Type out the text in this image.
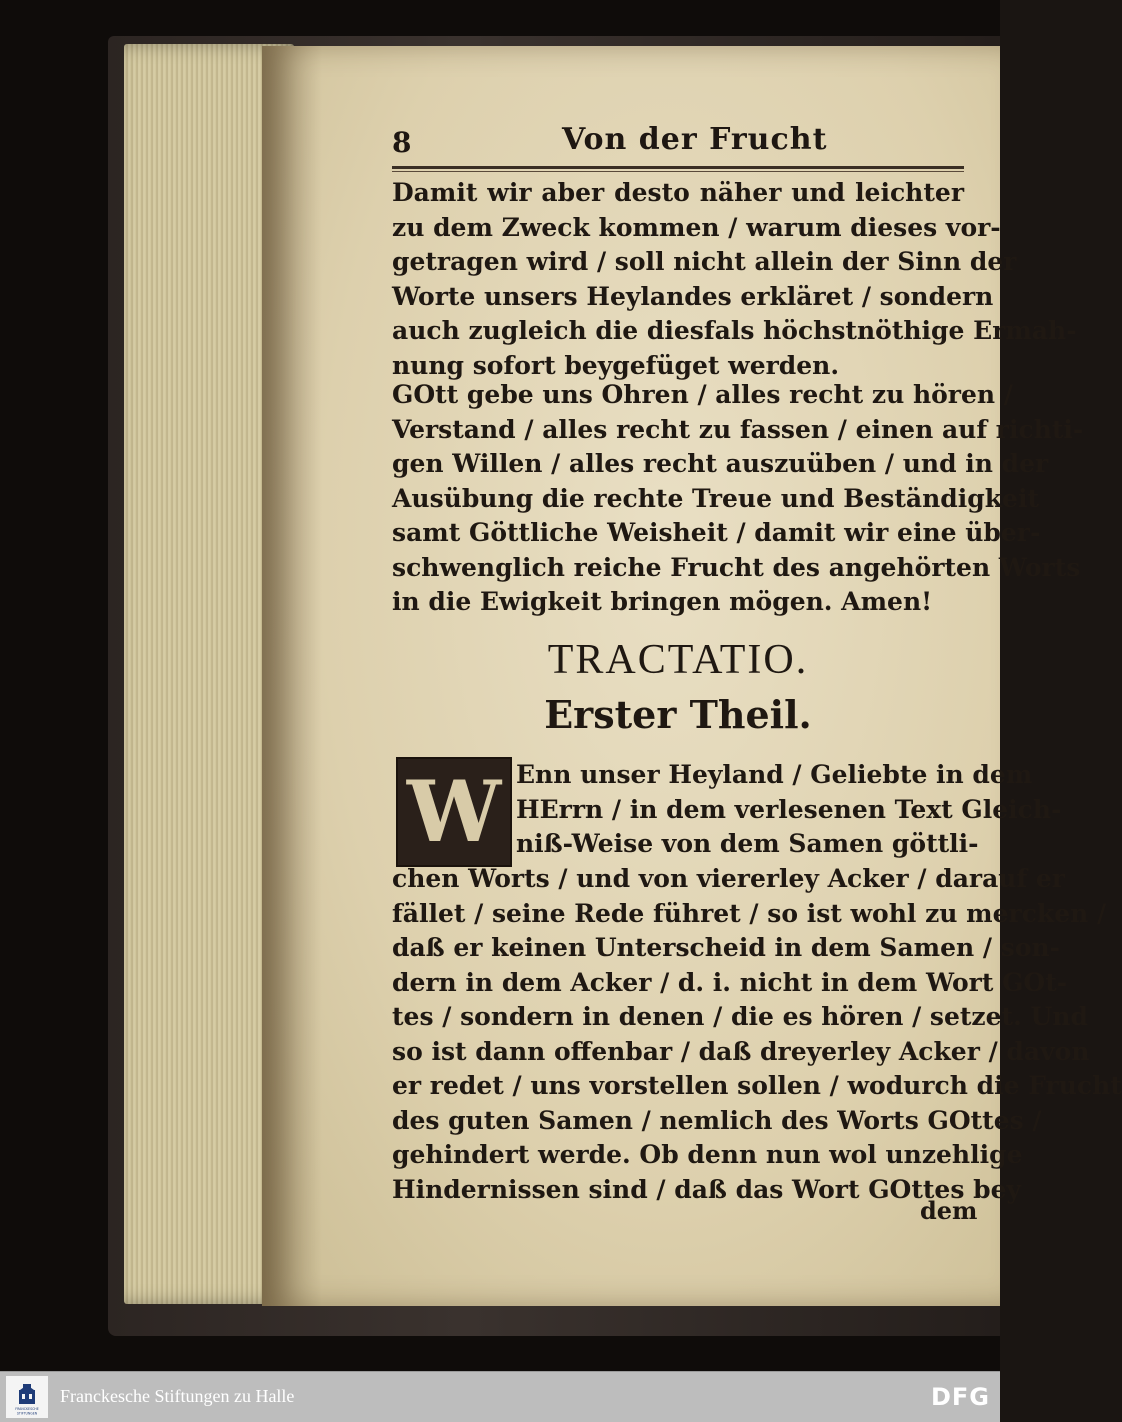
8	Von der Frucht
Damit wir aber desto näher und leichter
zu dem Zweck kommen / warum dieses vor-
getragen wird / soll nicht allein der Sinn der
Worte unsers Heylandes erkläret / sondern
auch zugleich die diesfals höchstnöthige Ermah-
nung sofort beygefüget werden.
GOtt gebe uns Ohren / alles recht zu hören /
Verstand / alles recht zu fassen / einen auf richti-
gen Willen / alles recht auszuüben / und in der
Ausübung die rechte Treue und Beständigkeit
samt Göttliche Weisheit / damit wir eine über-
schwenglich reiche Frucht des angehörten Worts
in die Ewigkeit bringen mögen. Amen!
TRACTATIO.
Erster Theil.
W Enn unser Heyland / Geliebte in dem
HErrn / in dem verlesenen Text Gleich-
niß-Weise von dem Samen göttli-
chen Worts / und von viererley Acker / darauf er
fället / seine Rede führet / so ist wohl zu mercken /
daß er keinen Unterscheid in dem Samen / son-
dern in dem Acker / d. i. nicht in dem Wort GOt-
tes / sondern in denen / die es hören / setzet. Und
so ist dann offenbar / daß dreyerley Acker / davon
er redet / uns vorstellen sollen / wodurch die Frucht
des guten Samen / nemlich des Worts GOttes /
gehindert werde. Ob denn nun wol unzehlige
Hindernissen sind / daß das Wort GOttes bey
dem
FRANCKESCHE
STIFTUNGEN
Franckesche Stiftungen zu Halle	DFG
